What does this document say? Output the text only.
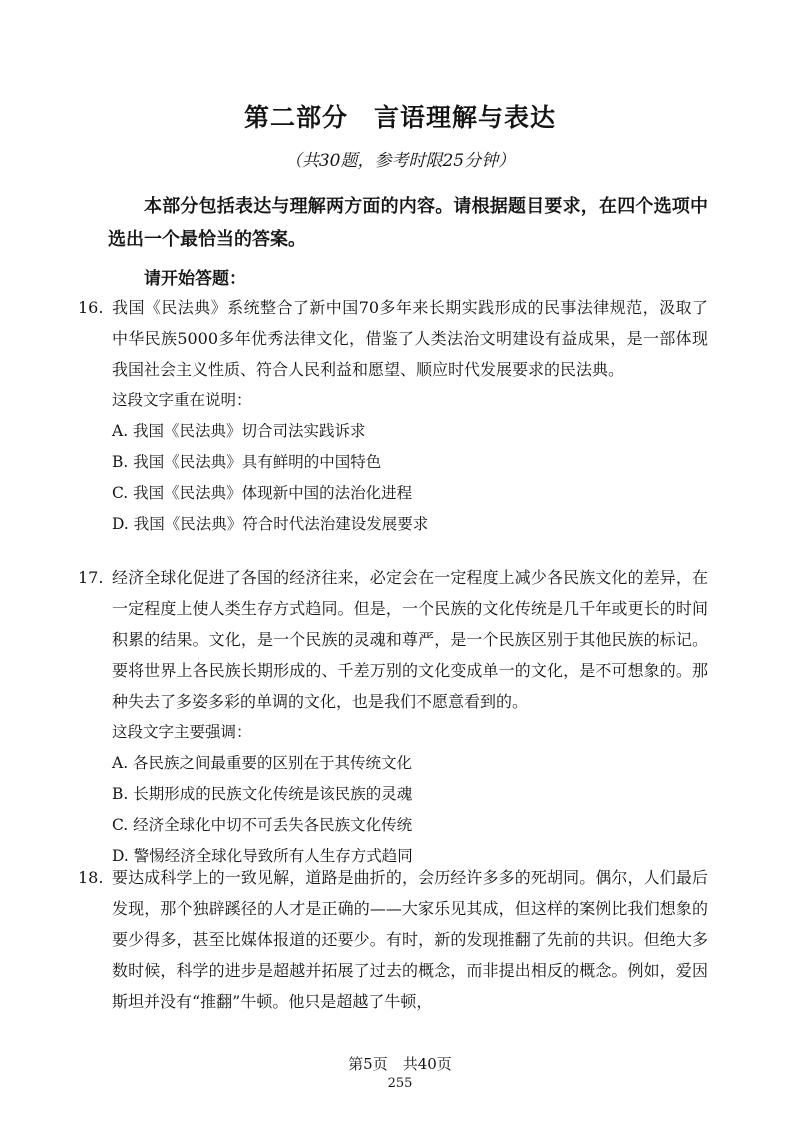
第二部分　言语理解与表达
（共30题，参考时限25分钟）

本部分包括表达与理解两方面的内容。请根据题目要求，在四个选项中选出一个最恰当的答案。

请开始答题：
16. 我国《民法典》系统整合了新中国70多年来长期实践形成的民事法律规范，汲取了中华民族5000多年优秀法律文化，借鉴了人类法治文明建设有益成果，是一部体现我国社会主义性质、符合人民利益和愿望、顺应时代发展要求的民法典。

这段文字重在说明：

A. 我国《民法典》切合司法实践诉求

B. 我国《民法典》具有鲜明的中国特色

C. 我国《民法典》体现新中国的法治化进程

D. 我国《民法典》符合时代法治建设发展要求

17. 经济全球化促进了各国的经济往来，必定会在一定程度上减少各民族文化的差异，在一定程度上使人类生存方式趋同。但是，一个民族的文化传统是几千年或更长的时间积累的结果。文化，是一个民族的灵魂和尊严，是一个民族区别于其他民族的标记。要将世界上各民族长期形成的、千差万别的文化变成单一的文化，是不可想象的。那种失去了多姿多彩的单调的文化，也是我们不愿意看到的。

这段文字主要强调：

A. 各民族之间最重要的区别在于其传统文化

B. 长期形成的民族文化传统是该民族的灵魂

C. 经济全球化中切不可丢失各民族文化传统

D. 警惕经济全球化导致所有人生存方式趋同

18. 要达成科学上的一致见解，道路是曲折的，会历经许多多的死胡同。偶尔，人们最后发现，那个独辟蹊径的人才是正确的——大家乐见其成，但这样的案例比我们想象的要少得多，甚至比媒体报道的还要少。有时，新的发现推翻了先前的共识。但绝大多数时候，科学的进步是超越并拓展了过去的概念，而非提出相反的概念。例如，爱因斯坦并没有“推翻”牛顿。他只是超越了牛顿，

第5页　共40页
255
